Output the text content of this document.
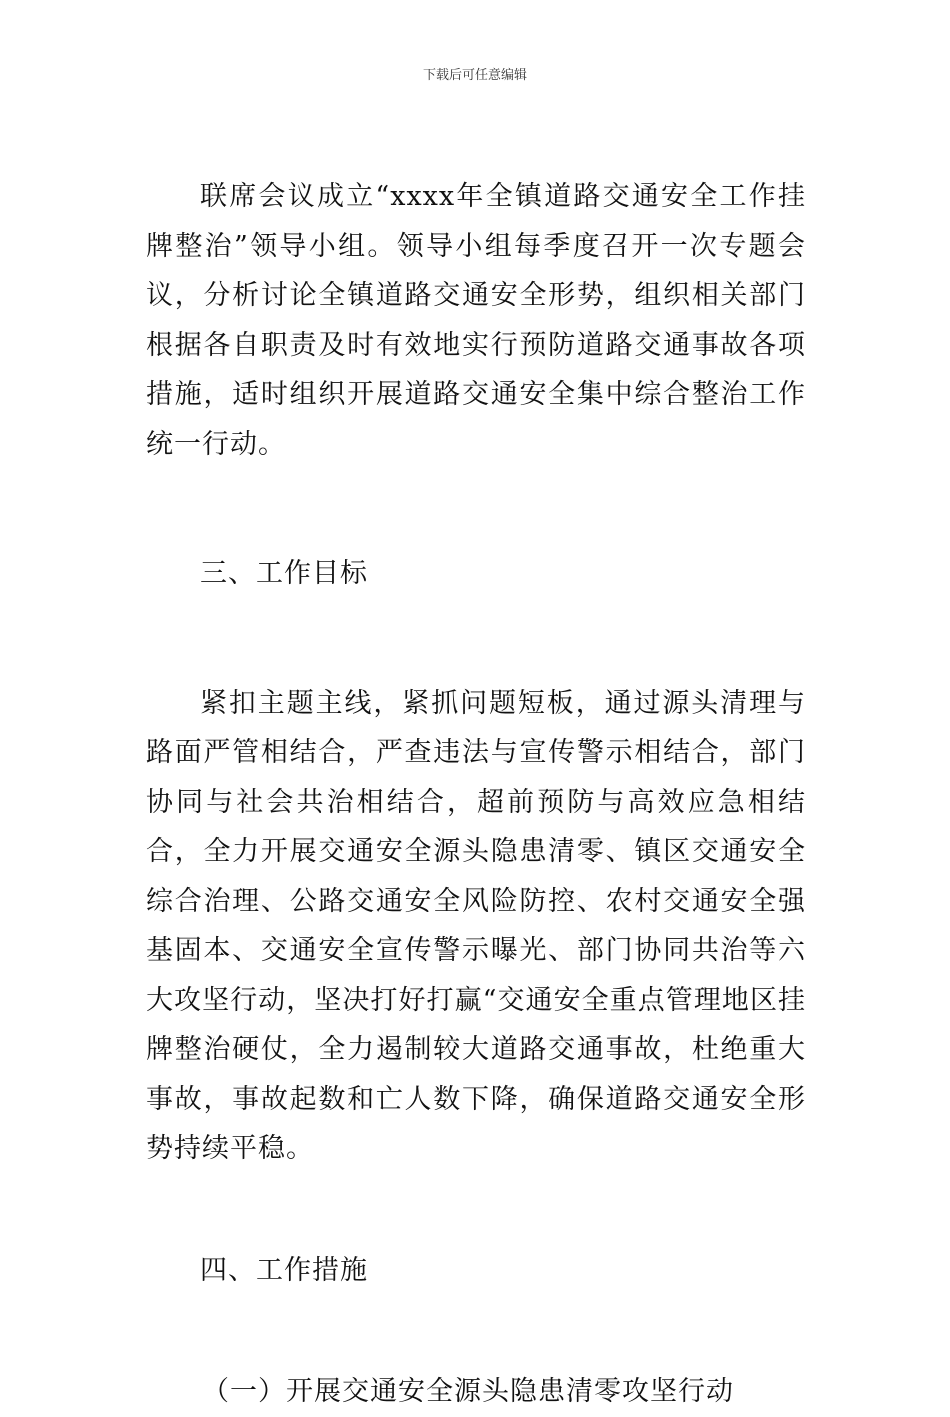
下载后可任意编辑

联席会议成立“xxxx年全镇道路交通安全工作挂牌整治”领导小组。领导小组每季度召开一次专题会议，分析讨论全镇道路交通安全形势，组织相关部门根据各自职责及时有效地实行预防道路交通事故各项措施，适时组织开展道路交通安全集中综合整治工作统一行动。

三、工作目标

紧扣主题主线，紧抓问题短板，通过源头清理与路面严管相结合，严查违法与宣传警示相结合，部门协同与社会共治相结合，超前预防与高效应急相结合，全力开展交通安全源头隐患清零、镇区交通安全综合治理、公路交通安全风险防控、农村交通安全强基固本、交通安全宣传警示曝光、部门协同共治等六大攻坚行动，坚决打好打赢“交通安全重点管理地区挂牌整治硬仗，全力遏制较大道路交通事故，杜绝重大事故，事故起数和亡人数下降，确保道路交通安全形势持续平稳。

四、工作措施

（一）开展交通安全源头隐患清零攻坚行动
